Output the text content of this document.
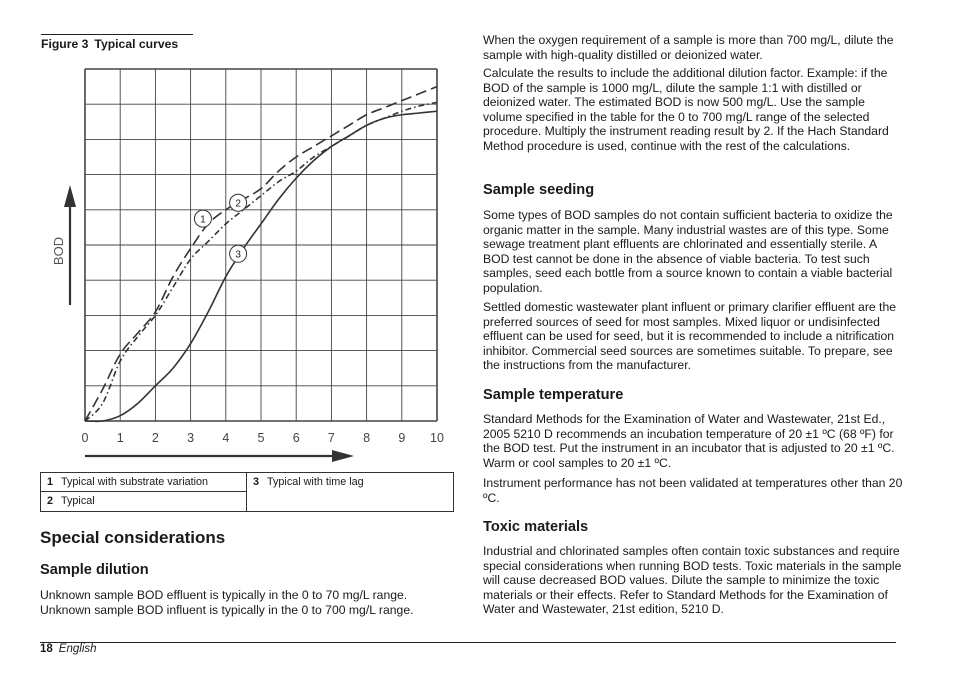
Figure 3 Typical curves
0 1 2 3 4 5 6 7 8 9 10
1
2
3
BOD
1 Typical with substrate variation
2 Typical
3 Typical with time lag
Special considerations
Sample dilution

Unknown sample BOD effluent is typically in the 0 to 70 mg/L range.

Unknown sample BOD influent is typically in the 0 to 700 mg/L range.

When the oxygen requirement of a sample is more than 700 mg/L, dilute the sample with high-quality distilled or deionized water.

Calculate the results to include the additional dilution factor. Example: if the BOD of the sample is 1000 mg/L, dilute the sample 1:1 with distilled or deionized water. The estimated BOD is now 500 mg/L. Use the sample volume specified in the table for the 0 to 700 mg/L range of the selected procedure. Multiply the instrument reading result by 2. If the Hach Standard Method procedure is used, continue with the rest of the calculations.

Sample seeding

Some types of BOD samples do not contain sufficient bacteria to oxidize the organic matter in the sample. Many industrial wastes are of this type. Some sewage treatment plant effluents are chlorinated and essentially sterile. A BOD test cannot be done in the absence of viable bacteria. To test such samples, seed each bottle from a source known to contain a viable bacterial population.

Settled domestic wastewater plant influent or primary clarifier effluent are the preferred sources of seed for most samples. Mixed liquor or undisinfected effluent can be used for seed, but it is recommended to include a nitrification inhibitor. Commercial seed sources are sometimes suitable. To prepare, see the instructions from the manufacturer.

Sample temperature

Standard Methods for the Examination of Water and Wastewater, 21st Ed., 2005 5210 D recommends an incubation temperature of 20 ±1 ºC (68 ºF) for the BOD test. Put the instrument in an incubator that is adjusted to 20 ±1 ºC. Warm or cool samples to 20 ±1 ºC.

Instrument performance has not been validated at temperatures other than 20 ºC.

Toxic materials

Industrial and chlorinated samples often contain toxic substances and require special considerations when running BOD tests. Toxic materials in the sample will cause decreased BOD values. Dilute the sample to minimize the toxic materials or their effects. Refer to Standard Methods for the Examination of Water and Wastewater, 21st edition, 5210 D.

18 English
